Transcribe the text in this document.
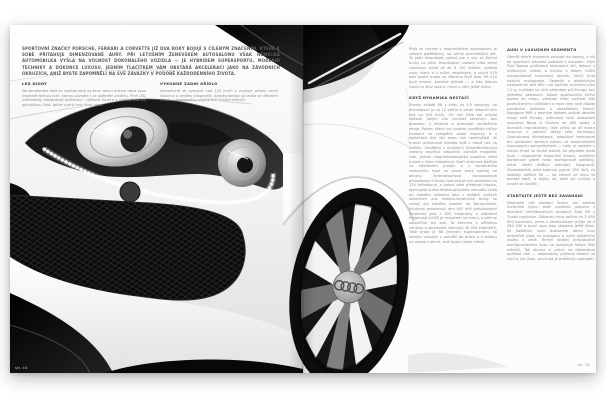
SPORTOVNÍ ZNAČKY PORSCHE, FERRARI A CORVETTE JIŽ DVA ROKY BOJUJÍ S CÍLENÝM ZNAČENÍM, KTERÉ K SOBĚ PŘITAHUJE DIMENZOVANÉ AURY. PŘI LETOŠNÍM ŽENEVSKÉM AUTOSALONU VŠAK NĚMECKÁ AUTOMOBILKA VYŠLA NA VOLNOST DOKONALÉHO VOZIDLA — JE HYBRIDEM SUPERSPORTU, MODERNÍ TECHNIKY A DOKONCE LUXUSU. JEDNÍM TLAČÍTKEM VÁM OBSTARÁ AKCELERACI JAKO NA ZÁVODNÍCH OKRUZÍCH, ANIŽ BYSTE ZAPOMNĚLI NA SVÉ ZÁVAZKY V PODOBĚ KAŽDODENNÍHO ŽIVOTA.

LED DIODY

Na devatenáct diod se nejlépe dívá za šera: denní svícení dává vozu nezaměnitelnou tvář, kterou poznáte i ve zpětném zrcátku. Plné LED světlomety obstarávají potkávací i dálkové funkce a nemají jedinou pohyblivou část, takže vydrží celý život vozu.

VÝKONNÉ ZADNÍ KŘÍDLO

Samočinně se vysouvá nad 120 km/h a zvyšuje přítlak zadní nápravy o desítky kilogramů. Aerodynamika se ladila ve větrném tunelu v Ingolstadtu nepřetržitě čtrnáct měsíců.

str. 44

Řídit se nechat v dvoumístném supersportu je celkem potěšitelný, ba přímo povznášející akt. To platí dvojnásob, pokud jde o vůz se čtyřmi kruhy na přídi. Desetiválec uložený před zadní nápravou zpívá až do 8 700 otáček, vydává zvuk, který si s ničím nespletete, a svých 525 koní posílá trvale na všechna čtyři kola. R8 V10 budí emoce, kamkoli přijede — a kdo jednou usedl za jeho volant, mluví o něm ještě týdny.

KDYŽ DYNAMIKA NESTAČÍ

Stovku zvládá R8 z klidu za 3,9 sekundy, na dvoustovce je za 12 vteřin a zátah nekončí dřív než na 316 km/h. Víc než čísla ale působí způsob, jakým vůz rychlost servíruje: bez dramatu, s lehkostí a přesností obráběcího stroje. Pohon všech kol quattro rozděluje točivý moment ve prospěch zadní nápravy a v zatáčkách drží vůz stopu tak neochvějně, že hranici přilnavosti hledáte spíš v hlavě než na asfaltu. Zavěšení s dvojitými lichoběžníkovými rameny doplňují adaptivní tlumiče magnetic ride, jejichž magnetoreologická kapalina mění tuhost v řádu milisekund. Stačí stisknout tlačítko na středovém panelu a z komfortního cestovního kupé se stane ostrý nástroj na okruhy. Sedmistupňová dvouspojková převodovka S tronic řadí pod plným zatížením za 120 milisekund, a pokud dáte přednost klasice, open-gate kulisa šestistupňového manuálu cinká při každém zařazení jako v dobách velkých závodních aut. Karbon-keramické brzdy se nebojí ani ostrého svezení na Nordschleife, hliníkový prostorový rám ASF drží pohotovostní hmotnost pod 1 625 kilogramy a rozložení hmotnosti 44:56 je receptem na trakci, o jaké se soupeřům jen zdá. To všechno s pětiletou zárukou a servisními intervaly 30 000 kilometrů. Také proto je R8 jediným supersportem, se kterým vyrazíte v pondělí do práce a v sobotu na závodní okruh, aniž byste cokoli měnili.

AUDI V LUXUSNÍM SEGMENTU

Otevřít dveře znamená vstoupit do kabiny, v níž se sportovní strohost potkává s luxusem: kůže Fine Nappa prošívaná kontrastní nití, dekory z uhlíkových vláken a hliníku a kolem řidiče monopostově tvarovaný oblouk, který Audi nazývá monoposto. Sedadla s elektrickým nastavením drží tělo i při bočním zrychlení přes 1,2 g, a přesto na nich přejedete půl Evropy bez jediného zastavení. Volant sportovního střihu padne do rukou, přístroje hlásí rychlost bíle podsvícenými ručičkami a mezi nimi sedí displej palubního počítače s ukazatelem řazení. Navigace MMI s pevným diskem zvládá detailní mapy celé Evropy, prémiový zvuk obstarává souprava Bang & Olufsen se 465 watty a dvanácti reproduktory, jejíž výšky se při startu vysunou z palubní desky jako periskopy. Dvouzónová klimatizace, adaptivní tempomat ani parkovací kamera nejsou ve dvoumístném supersportu samozřejmostí — tady je najdete v ceníku hned na druhé straně. Za příplatek dodá Audi i celokožené čalounění stropu, rozšířený karbonový paket nebo skořepinové sedačky, které ušetří dalších osmnáct kilogramů. Zavazadelník před kabinou pojme 100 litrů, za sedadly dalších 90 — na víkend ve dvou to bohatě stačí. A kdyby ne, stačí jet rychleji a vracet se častěji.

STARTUJTE JEŠTĚ BEZ ZAVÁHÁNÍ

Nemusíte mít závodní licenci ani zázemí továrního týmu: stačí navštívit jednoho z dvanácti certifikovaných prodejců Audi R8 v České republice. Základní cena začíná na 3 590 000 korunách, verze s desetiválcem přijde na 4 280 000 a první vozy jsou skladem ještě letos. Ke každému vozu dostanete denní kurz bezpečné jízdy na polygonu a roční asistenční služby v ceně. Termín dodání individuálně konfigurovaného kusu se pohybuje kolem čtyř měsíců. Tak dlouho si přece na dokonalost počkáte rádi — objednávky přijímají dealeři už nyní a, jak jinak, první rok je prakticky vyprodán.

str. 45
